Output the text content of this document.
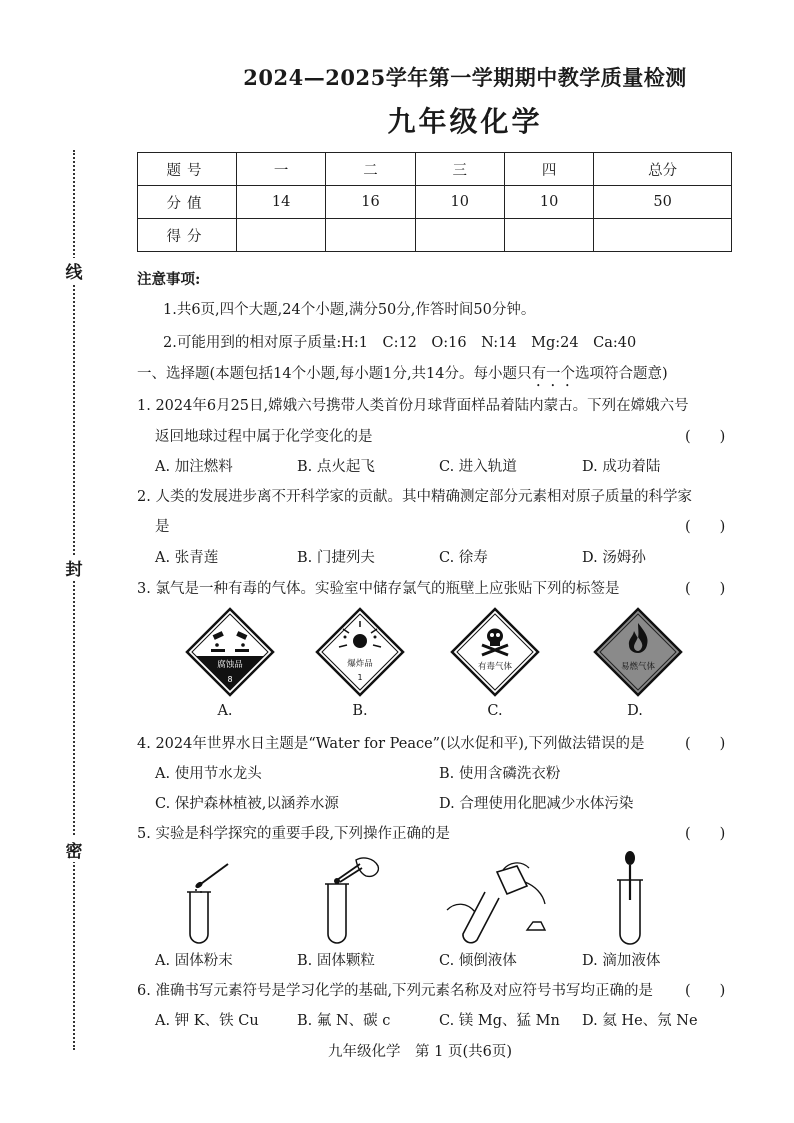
线
封
密
2024—2025学年第一学期期中教学质量检测
九年级化学
题号	一	二	三	四	总分
分值	14	16	10	10	50
得分					
注意事项:
1.共6页,四个大题,24个小题,满分50分,作答时间50分钟。
2.可能用到的相对原子质量:H:1　C:12　O:16　N:14　Mg:24　Ca:40
一、选择题(本题包括14个小题,每小题1分,共14分。每小题只有一个选项符合题意)
1. 2024年6月25日,嫦娥六号携带人类首份月球背面样品着陆内蒙古。下列在嫦娥六号
返回地球过程中属于化学变化的是	(　　)
A. 加注燃料	B. 点火起飞	C. 进入轨道	D. 成功着陆
2. 人类的发展进步离不开科学家的贡献。其中精确测定部分元素相对原子质量的科学家
是	(　　)
A. 张青莲	B. 门捷列夫	C. 徐寿	D. 汤姆孙
3. 氯气是一种有毒的气体。实验室中储存氯气的瓶壁上应张贴下列的标签是	(　　)
腐蚀品
8
爆炸品
1
有毒气体	易燃气体
A.	B.	C.	D.
4. 2024年世界水日主题是“Water for Peace”(以水促和平),下列做法错误的是	(　　)
A. 使用节水龙头	B. 使用含磷洗衣粉
C. 保护森林植被,以涵养水源	D. 合理使用化肥减少水体污染
5. 实验是科学探究的重要手段,下列操作正确的是	(　　)
A. 固体粉末	B. 固体颗粒	C. 倾倒液体	D. 滴加液体
6. 准确书写元素符号是学习化学的基础,下列元素名称及对应符号书写均正确的是 (　　)
A. 钾 K、铁 Cu	B. 氟 N、碳 c	C. 镁 Mg、猛 Mn D. 氦 He、氖 Ne
九年级化学　第 1 页(共6页)
